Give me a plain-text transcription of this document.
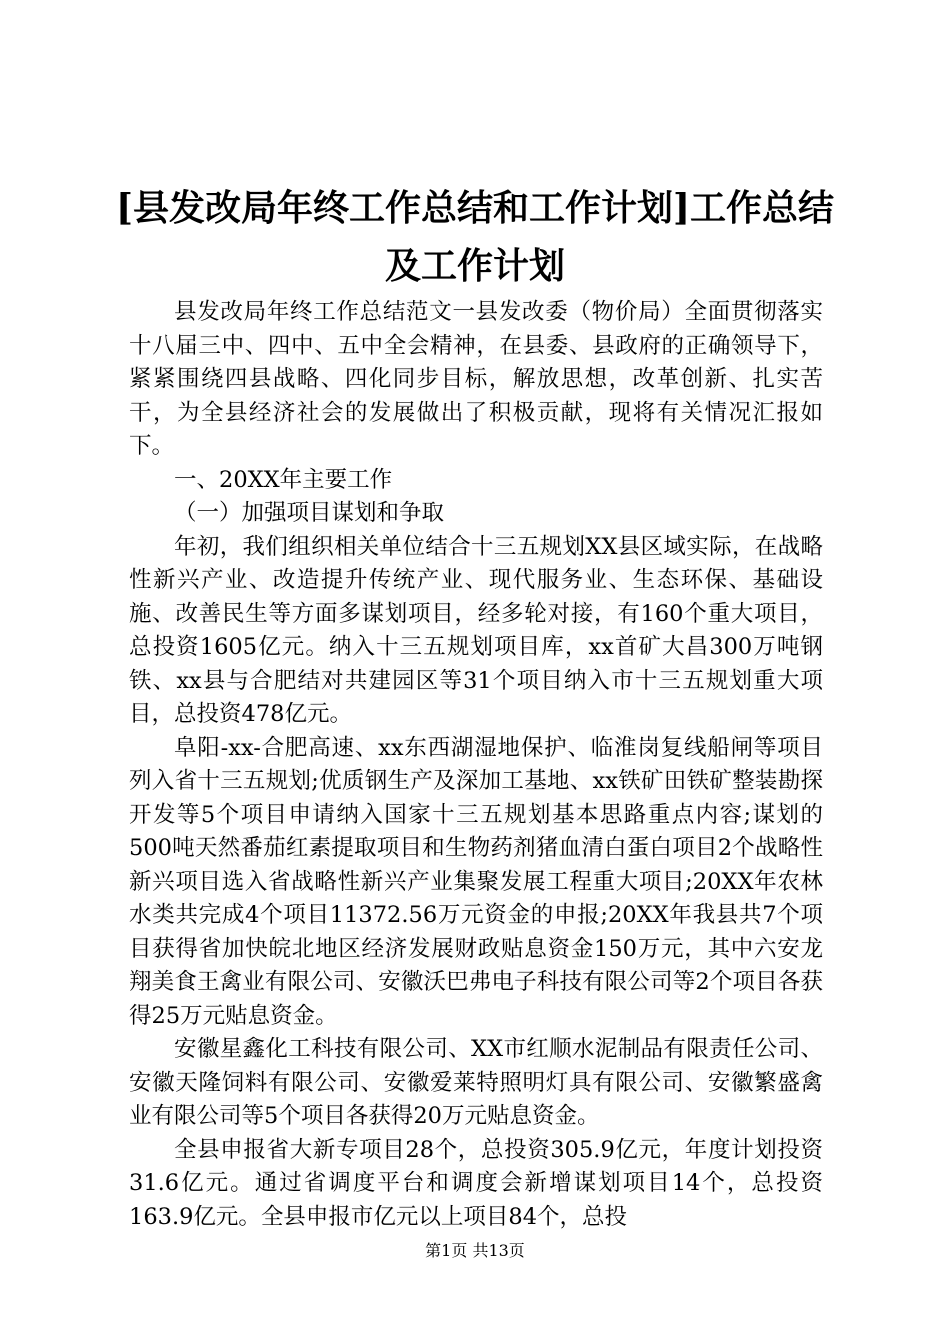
[县发改局年终工作总结和工作计划]工作总结
及工作计划

县发改局年终工作总结范文一县发改委（物价局）全面贯彻落实十八届三中、四中、五中全会精神，在县委、县政府的正确领导下，紧紧围绕四县战略、四化同步目标，解放思想，改革创新、扎实苦干，为全县经济社会的发展做出了积极贡献，现将有关情况汇报如下。

一、20XX年主要工作

（一）加强项目谋划和争取

年初，我们组织相关单位结合十三五规划XX县区域实际，在战略性新兴产业、改造提升传统产业、现代服务业、生态环保、基础设施、改善民生等方面多谋划项目，经多轮对接，有160个重大项目，总投资1605亿元。纳入十三五规划项目库，xx首矿大昌300万吨钢铁、xx县与合肥结对共建园区等31个项目纳入市十三五规划重大项目，总投资478亿元。

阜阳-xx-合肥高速、xx东西湖湿地保护、临淮岗复线船闸等项目列入省十三五规划;优质钢生产及深加工基地、xx铁矿田铁矿整装勘探开发等5个项目申请纳入国家十三五规划基本思路重点内容;谋划的500吨天然番茄红素提取项目和生物药剂猪血清白蛋白项目2个战略性新兴项目选入省战略性新兴产业集聚发展工程重大项目;20XX年农林水类共完成4个项目11372.56万元资金的申报;20XX年我县共7个项目获得省加快皖北地区经济发展财政贴息资金150万元，其中六安龙翔美食王禽业有限公司、安徽沃巴弗电子科技有限公司等2个项目各获得25万元贴息资金。

安徽星鑫化工科技有限公司、XX市红顺水泥制品有限责任公司、安徽天隆饲料有限公司、安徽爱莱特照明灯具有限公司、安徽繁盛禽业有限公司等5个项目各获得20万元贴息资金。

全县申报省大新专项目28个，总投资305.9亿元，年度计划投资31.6亿元。通过省调度平台和调度会新增谋划项目14个，总投资163.9亿元。全县申报市亿元以上项目84个，总投

第1页 共13页
